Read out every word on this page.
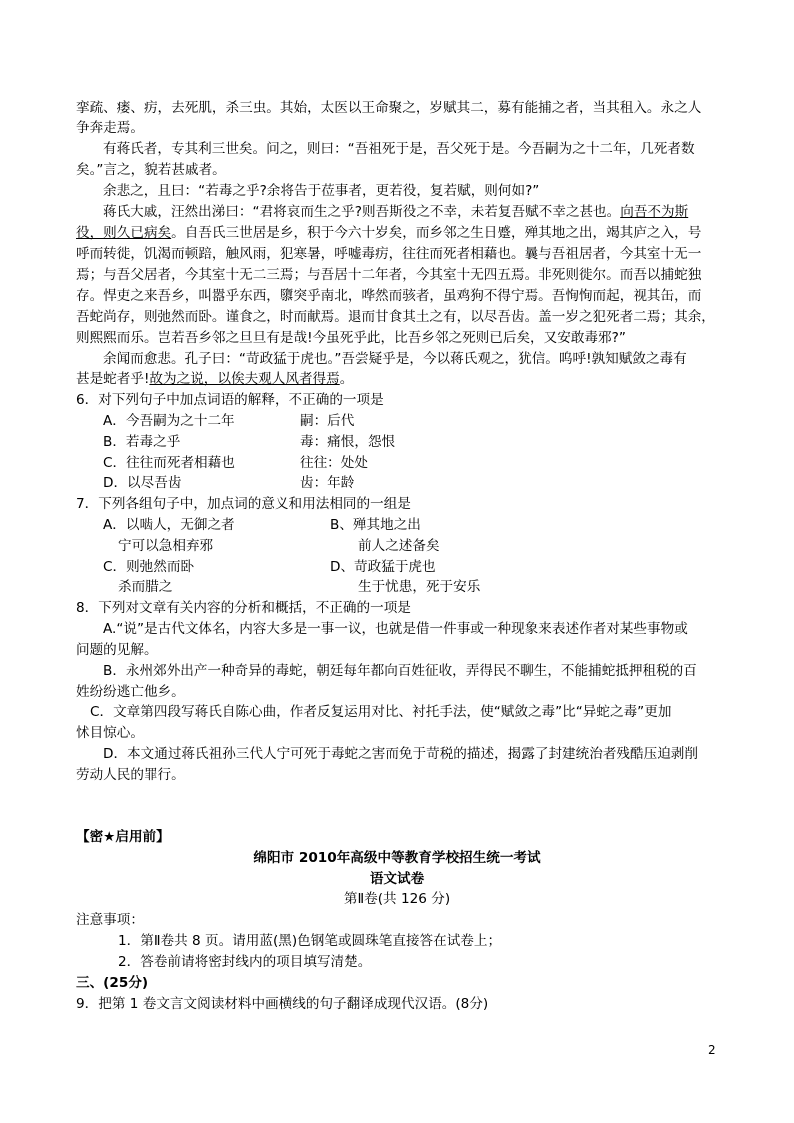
挛疏、瘘、疠，去死肌，杀三虫。其始，太医以王命聚之，岁赋其二，募有能捕之者，当其租入。永之人
争奔走焉。
有蒋氏者，专其利三世矣。问之，则曰：“吾祖死于是，吾父死于是。今吾嗣为之十二年，几死者数
矣。”言之，貌若甚戚者。
余悲之，且曰：“若毒之乎?余将告于莅事者，更若役，复若赋，则何如?”
蒋氏大戚，汪然出涕曰：“君将哀而生之乎?则吾斯役之不幸，未若复吾赋不幸之甚也。向吾不为斯
役，则久已病矣。自吾氏三世居是乡，积于今六十岁矣，而乡邻之生日蹙，殚其地之出，竭其庐之入，号
呼而转徙，饥渴而顿踣，触风雨，犯寒暑，呼嘘毒疠，往往而死者相藉也。曩与吾祖居者，今其室十无一
焉；与吾父居者，今其室十无二三焉；与吾居十二年者，今其室十无四五焉。非死则徙尔。而吾以捕蛇独
存。悍吏之来吾乡，叫嚣乎东西，隳突乎南北，哗然而骇者，虽鸡狗不得宁焉。吾恂恂而起，视其缶，而
吾蛇尚存，则弛然而卧。谨食之，时而献焉。退而甘食其土之有，以尽吾齿。盖一岁之犯死者二焉；其余，
则熙熙而乐。岂若吾乡邻之旦旦有是哉!今虽死乎此，比吾乡邻之死则已后矣，又安敢毒邪?”
余闻而愈悲。孔子曰：“苛政猛于虎也。”吾尝疑乎是，今以蒋氏观之，犹信。呜呼!孰知赋敛之毒有
甚是蛇者乎!故为之说，以俟夫观人风者得焉。
6．对下列句子中加点词语的解释，不正确的一项是
A．今吾嗣为之十二年	嗣：后代
B．若毒之乎	毒：痛恨，怨恨
C．往往而死者相藉也	往往：处处
D．以尽吾齿	齿：年龄
7．下列各组句子中，加点词的意义和用法相同的一组是
A．以啮人，无御之者	B、殚其地之出
宁可以急相弃邪	前人之述备矣
C．则弛然而卧	D、苛政猛于虎也
杀而腊之	生于忧患，死于安乐
8．下列对文章有关内容的分析和概括，不正确的一项是
A.“说”是古代文体名，内容大多是一事一议，也就是借一件事或一种现象来表述作者对某些事物或
问题的见解。
B．永州郊外出产一种奇异的毒蛇，朝廷每年都向百姓征收，弄得民不聊生，不能捕蛇抵押租税的百
姓纷纷逃亡他乡。
C．文章第四段写蒋氏自陈心曲，作者反复运用对比、衬托手法，使“赋敛之毒”比“异蛇之毒”更加
怵目惊心。
D．本文通过蒋氏祖孙三代人宁可死于毒蛇之害而免于苛税的描述，揭露了封建统治者残酷压迫剥削
劳动人民的罪行。
【密★启用前】
绵阳市 2010年高级中等教育学校招生统一考试
语文试卷
第Ⅱ卷(共 126 分)
注意事项：
1．第Ⅱ卷共 8 页。请用蓝(黑)色钢笔或圆珠笔直接答在试卷上；
2．答卷前请将密封线内的项目填写清楚。
三、(25分)
9．把第 1 卷文言文阅读材料中画横线的句子翻译成现代汉语。(8分)
2
